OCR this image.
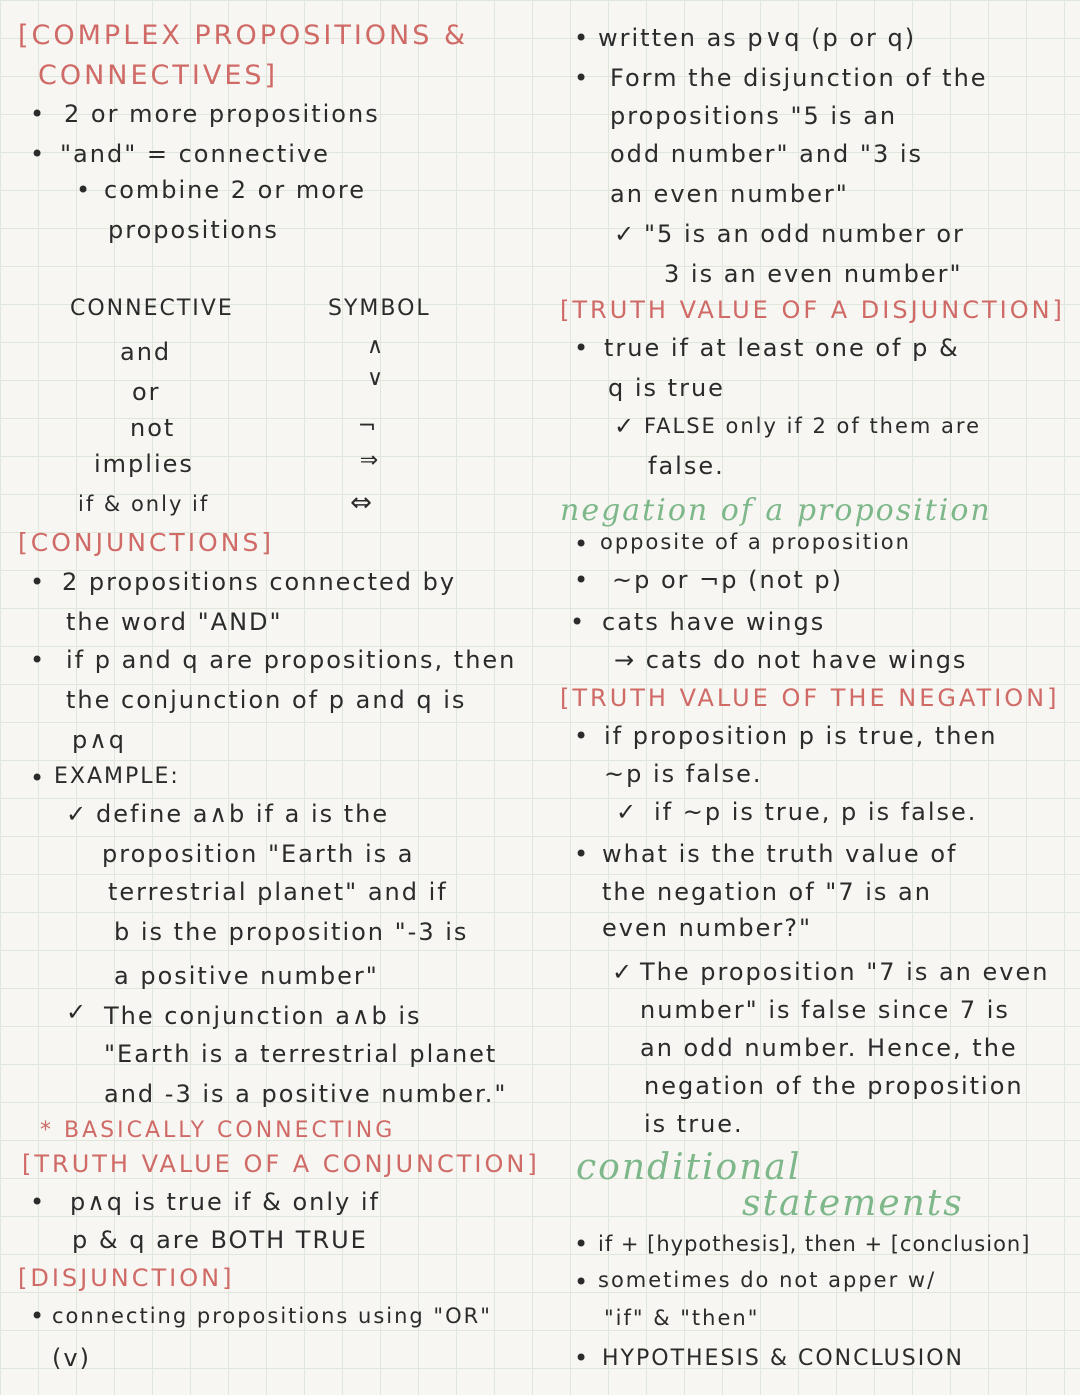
[COMPLEX PROPOSITIONS &
CONNECTIVES]
• 2 or more propositions
• "and" = connective
• combine 2 or more
propositions
CONNECTIVE	SYMBOL
and	∧
or	∨
not	¬
implies	⇒
if & only if	⇔
[CONJUNCTIONS]
• 2 propositions connected by
the word "AND"
• if p and q are propositions, then
the conjunction of p and q is
p∧q
• EXAMPLE:
✓ define a∧b if a is the
proposition "Earth is a
terrestrial planet" and if
b is the proposition "-3 is
a positive number"
✓ The conjunction a∧b is
"Earth is a terrestrial planet
and -3 is a positive number."
* BASICALLY CONNECTING
[TRUTH VALUE OF A CONJUNCTION]
• p∧q is true if & only if
p & q are BOTH TRUE
[DISJUNCTION]
• connecting propositions using "OR"
(v)
• written as p∨q (p or q)
• Form the disjunction of the
propositions "5 is an
odd number" and "3 is
an even number"
✓ "5 is an odd number or
3 is an even number"
[TRUTH VALUE OF A DISJUNCTION]
• true if at least one of p &
q is true
✓ FALSE only if 2 of them are
false.
negation of a proposition
• opposite of a proposition
• ~p or ¬p (not p)
• cats have wings
→ cats do not have wings
[TRUTH VALUE OF THE NEGATION]
• if proposition p is true, then
~p is false.
✓ if ~p is true, p is false.
• what is the truth value of
the negation of "7 is an
even number?"
✓ The proposition "7 is an even
number" is false since 7 is
an odd number. Hence, the
negation of the proposition
is true.
conditional
statements
• if + [hypothesis], then + [conclusion]
• sometimes do not apper w/
"if" & "then"
• HYPOTHESIS & CONCLUSION
